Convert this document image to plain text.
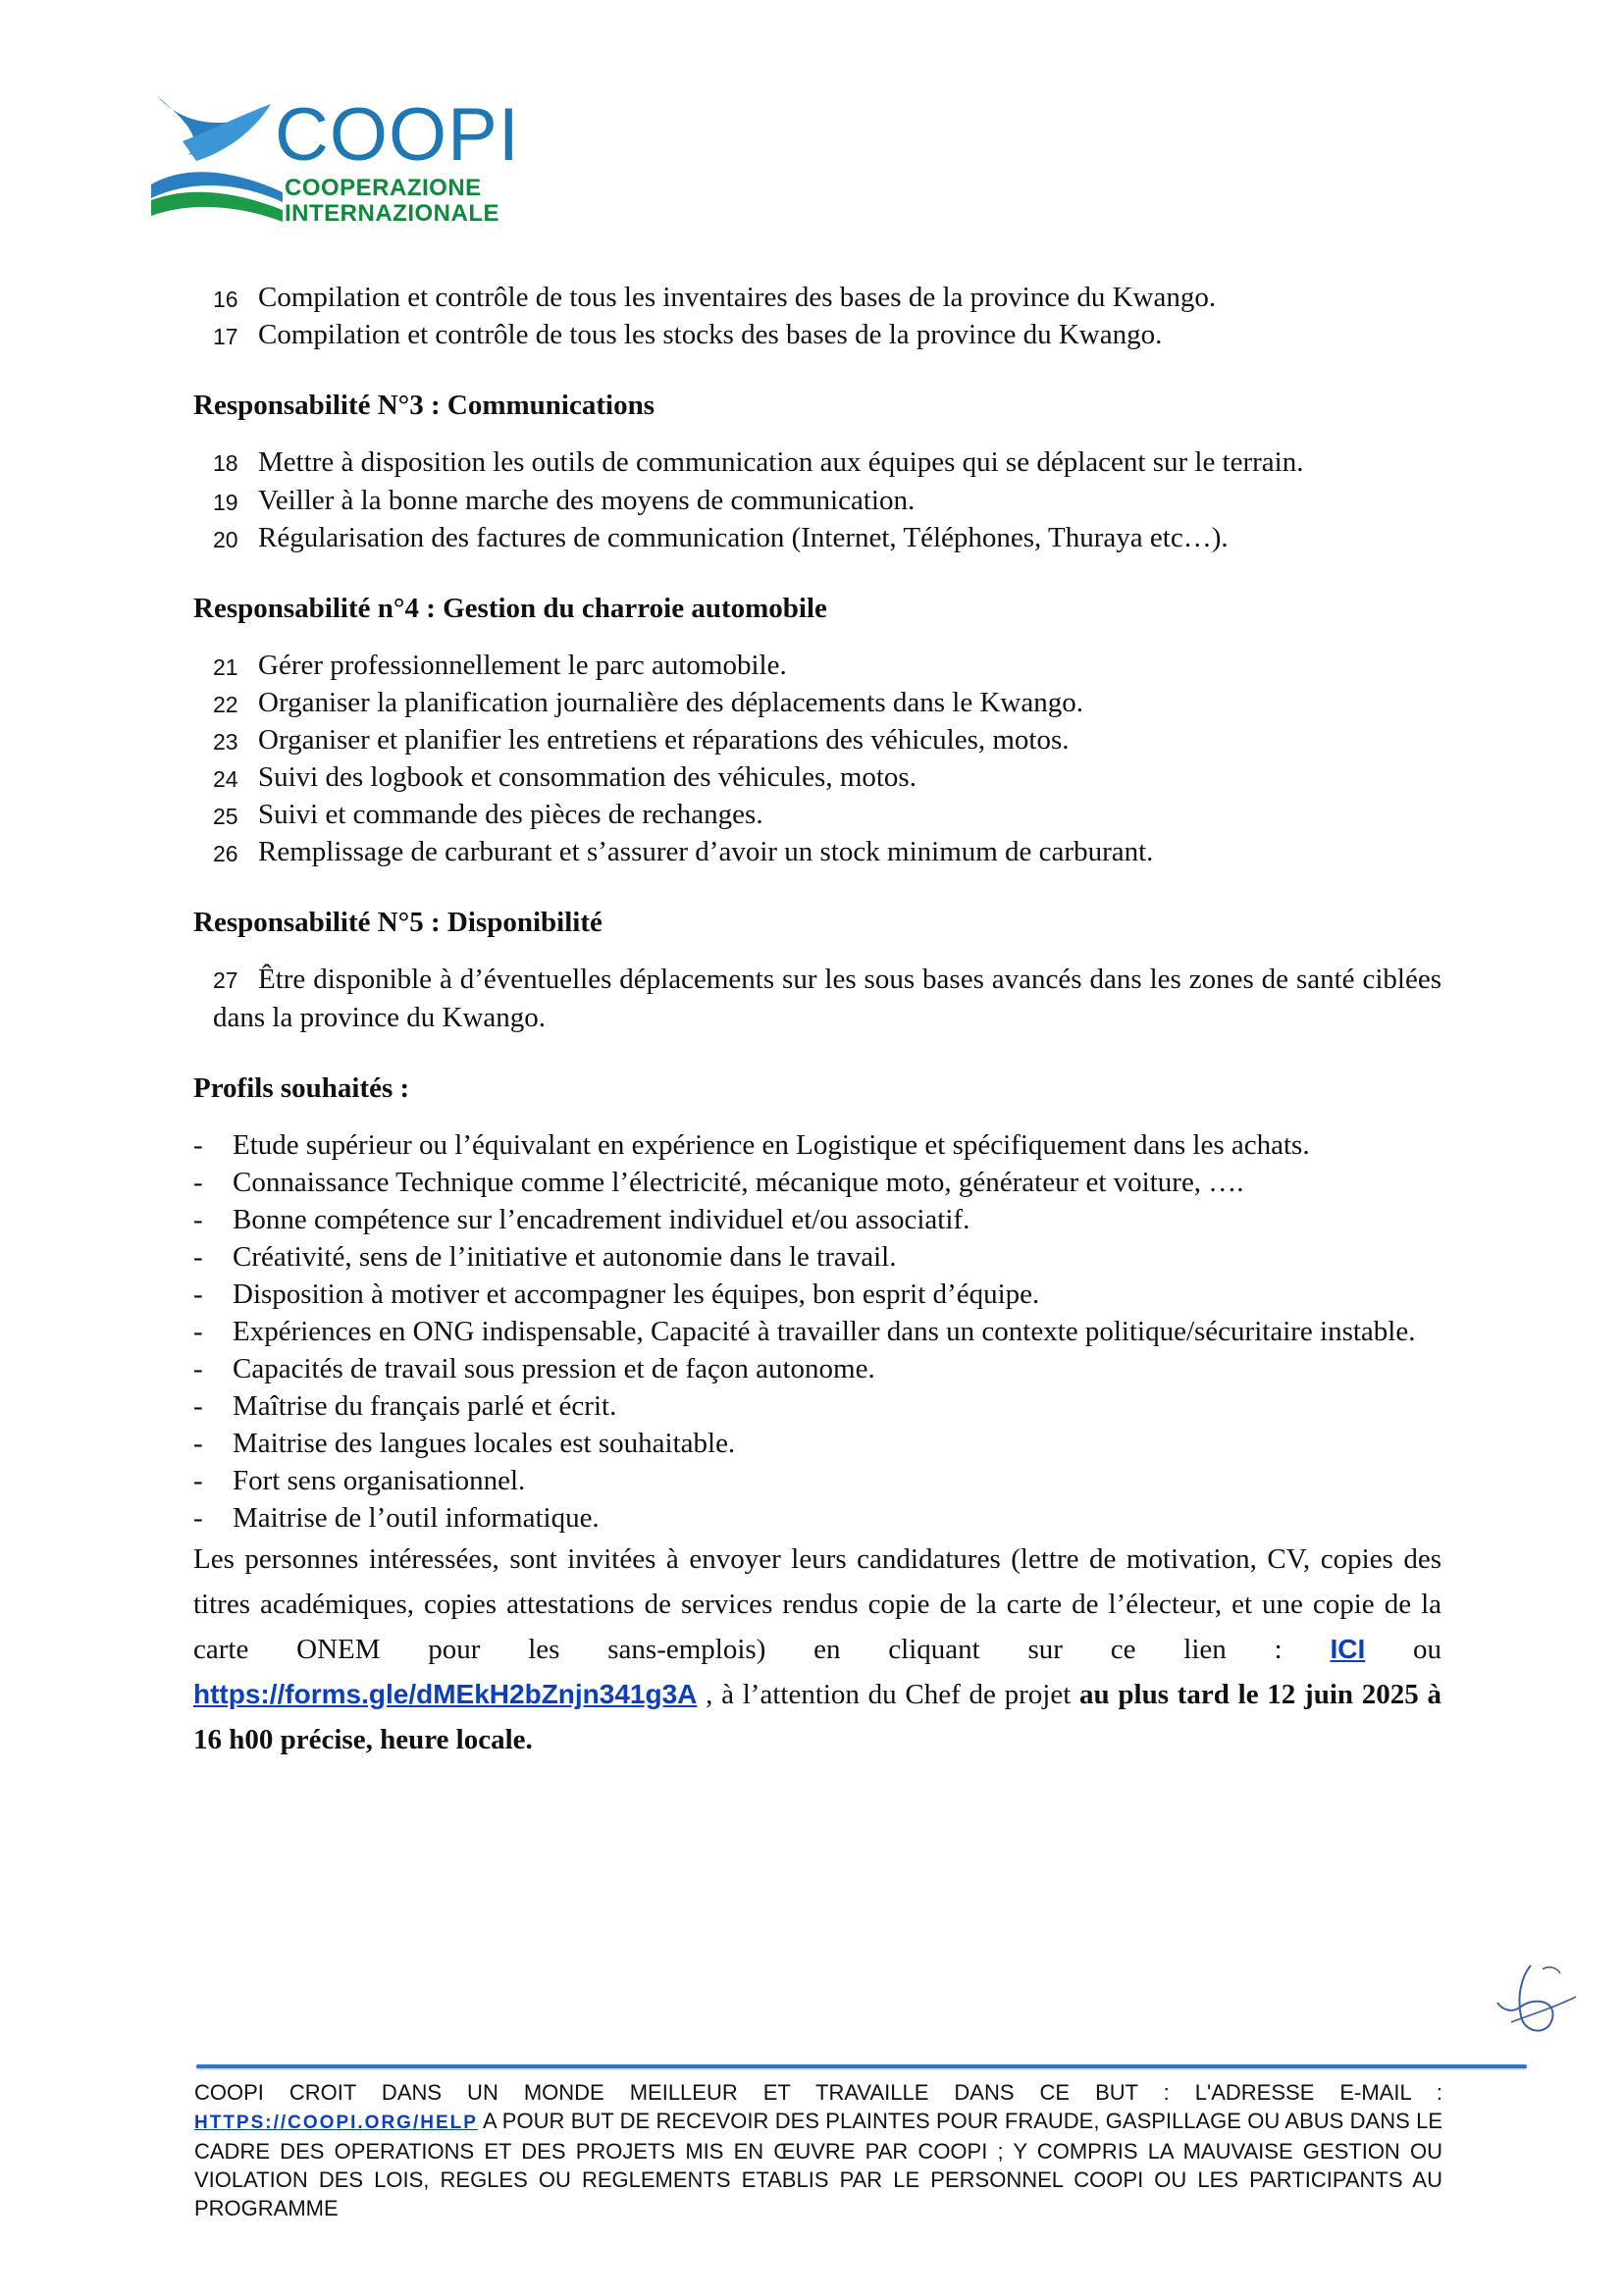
COOPI
COOPERAZIONE
INTERNAZIONALE

16 Compilation et contrôle de tous les inventaires des bases de la province du Kwango.

17 Compilation et contrôle de tous les stocks des bases de la province du Kwango.

Responsabilité N°3 : Communications

18 Mettre à disposition les outils de communication aux équipes qui se déplacent sur le terrain.

19 Veiller à la bonne marche des moyens de communication.

20 Régularisation des factures de communication (Internet, Téléphones, Thuraya etc…).

Responsabilité n°4 : Gestion du charroie automobile

21 Gérer professionnellement le parc automobile.

22 Organiser la planification journalière des déplacements dans le Kwango.

23 Organiser et planifier les entretiens et réparations des véhicules, motos.

24 Suivi des logbook et consommation des véhicules, motos.

25 Suivi et commande des pièces de rechanges.

26 Remplissage de carburant et s’assurer d’avoir un stock minimum de carburant.

Responsabilité N°5 : Disponibilité

27 Être disponible à d’éventuelles déplacements sur les sous bases avancés dans les zones de santé ciblées dans la province du Kwango.

Profils souhaités :

- Etude supérieur ou l’équivalant en expérience en Logistique et spécifiquement dans les achats.
- Connaissance Technique comme l’électricité, mécanique moto, générateur et voiture, ….
- Bonne compétence sur l’encadrement individuel et/ou associatif.
- Créativité, sens de l’initiative et autonomie dans le travail.
- Disposition à motiver et accompagner les équipes, bon esprit d’équipe.
- Expériences en ONG indispensable, Capacité à travailler dans un contexte politique/sécuritaire instable.
- Capacités de travail sous pression et de façon autonome.
- Maîtrise du français parlé et écrit.
- Maitrise des langues locales est souhaitable.
- Fort sens organisationnel.
- Maitrise de l’outil informatique.

Les personnes intéressées, sont invitées à envoyer leurs candidatures (lettre de motivation, CV, copies des titres académiques, copies attestations de services rendus copie de la carte de l’électeur, et une copie de la carte ONEM pour les sans-emplois) en cliquant sur ce lien : ICI ou https://forms.gle/dMEkH2bZnjn341g3A , à l’attention du Chef de projet au plus tard le 12 juin 2025 à 16 h00 précise, heure locale.

COOPI CROIT DANS UN MONDE MEILLEUR ET TRAVAILLE DANS CE BUT : L'ADRESSE E-MAIL : HTTPS://COOPI.ORG/HELP A POUR BUT DE RECEVOIR DES PLAINTES POUR FRAUDE, GASPILLAGE OU ABUS DANS LE CADRE DES OPERATIONS ET DES PROJETS MIS EN ŒUVRE PAR COOPI ; Y COMPRIS LA MAUVAISE GESTION OU VIOLATION DES LOIS, REGLES OU REGLEMENTS ETABLIS PAR LE PERSONNEL COOPI OU LES PARTICIPANTS AU PROGRAMME
